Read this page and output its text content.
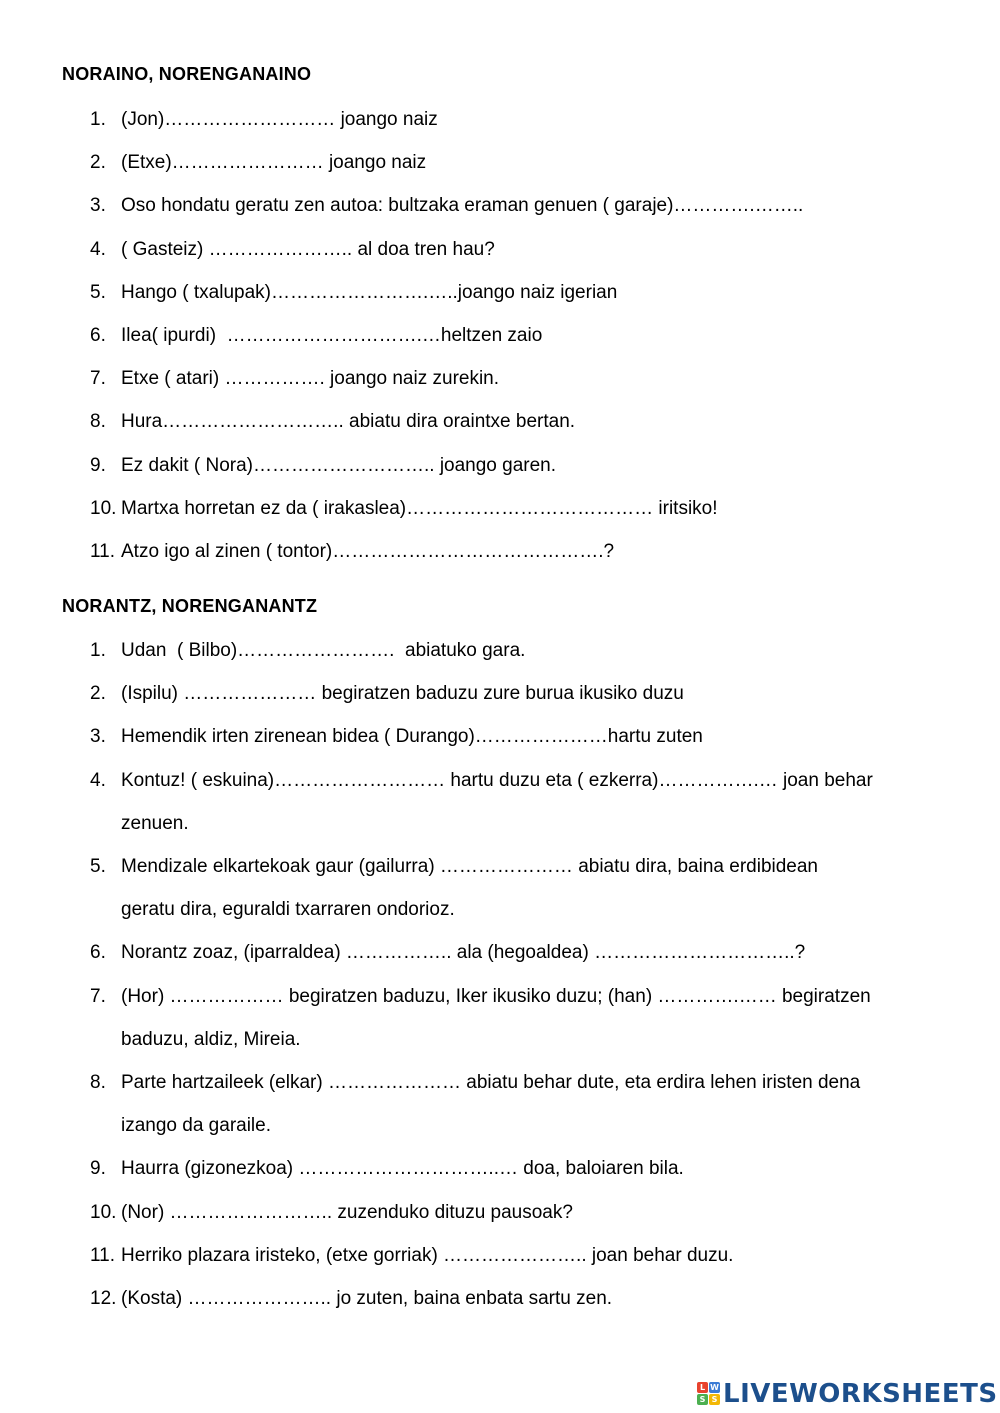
NORAINO, NORENGANAINO
1. (Jon)……………………… joango naiz
2. (Etxe)…………………… joango naiz
3. Oso hondatu geratu zen autoa: bultzaka eraman genuen ( garaje)………….……..
4. ( Gasteiz) ………………….. al doa tren hau?
5. Hango ( txalupak)…………………….…..joango naiz igerian
6. Ilea( ipurdi)  ………………………….…heltzen zaio
7. Etxe ( atari) ……………. joango naiz zurekin.
8. Hura……………………….. abiatu dira oraintxe bertan.
9. Ez dakit ( Nora)……………………….. joango garen.
10. Martxa horretan ez da ( irakaslea)………………………………… iritsiko!
11. Atzo igo al zinen ( tontor)…………………………………….?
NORANTZ, NORENGANANTZ
1. Udan  ( Bilbo)…………………….  abiatuko gara.
2. (Ispilu) ………………… begiratzen baduzu zure burua ikusiko duzu
3. Hemendik irten zirenean bidea ( Durango)…………………hartu zuten
4. Kontuz! ( eskuina)……………………… hartu duzu eta ( ezkerra)…………….… joan behar
zenuen.
5. Mendizale elkartekoak gaur (gailurra) ………………… abiatu dira, baina erdibidean
geratu dira, eguraldi txarraren ondorioz.
6. Norantz zoaz, (iparraldea) …………….. ala (hegoaldea) …………………………..?
7. (Hor) ……………… begiratzen baduzu, Iker ikusiko duzu; (han) ………….…… begiratzen
baduzu, aldiz, Mireia.
8. Parte hartzaileek (elkar) ………………… abiatu behar dute, eta erdira lehen iristen dena
izango da garaile.
9. Haurra (gizonezkoa) …………………………..… doa, baloiaren bila.
10. (Nor) …………………….. zuzenduko dituzu pausoak?
11. Herriko plazara iristeko, (etxe gorriak) ………………….. joan behar duzu.
12. (Kosta) ………………….. jo zuten, baina enbata sartu zen.
L W
S S LIVEWORKSHEETS
